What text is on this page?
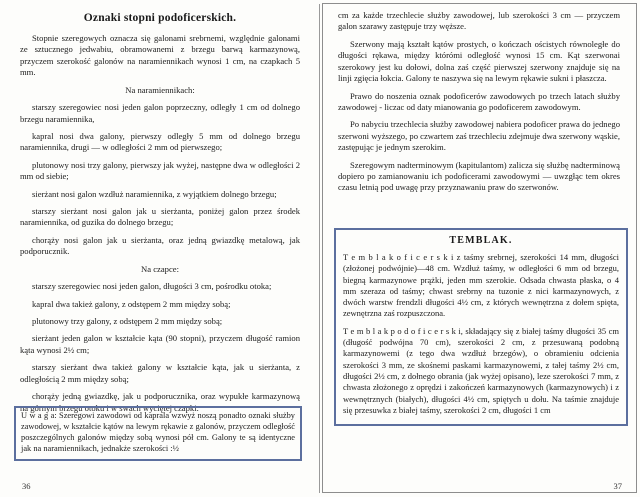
Oznaki stopni podoficerskich.

Stopnie szeregowych oznacza się galonami srebrnemi, względnie galonami ze sztucznego jedwabiu, obramowanemi z brzegu barwą karmazynową, przyczem szerokość galonów na naramiennikach wynosi 1 cm, na czapkach 5 mm.

Na naramiennikach:

starszy szeregowiec nosi jeden galon poprzeczny, odległy 1 cm od dolnego brzegu naramiennika,

kapral nosi dwa galony, pierwszy odległy 5 mm od dolnego brzegu naramiennika, drugi — w odległości 2 mm od pierwszego;

plutonowy nosi trzy galony, pierwszy jak wyżej, następne dwa w odległości 2 mm od siebie;

sierżant nosi galon wzdłuż naramiennika, z wyjątkiem dolnego brzegu;

starszy sierżant nosi galon jak u sierżanta, poniżej galon przez środek naramiennika, od guzika do dolnego brzegu;

chorąży nosi galon jak u sierżanta, oraz jedną gwiazdkę metalową, jak podporucznik.

Na czapce:

starszy szeregowiec nosi jeden galon, długości 3 cm, pośrodku otoka;

kapral dwa takież galony, z odstępem 2 mm między sobą;

plutonowy trzy galony, z odstępem 2 mm między sobą;

sierżant jeden galon w kształcie kąta (90 stopni), przyczem długość ramion kąta wynosi 2½ cm;

starszy sierżant dwa takież galony w kształcie kąta, jak u sierżanta, z odległością 2 mm między sobą;

chorąży jedną gwiazdkę, jak u podporucznika, oraz wypukłe karmazynową na górnym brzegu otoku i w swach wyciętej czapki.

U w a g a: Szeregowi zawodowi od kaprala wzwyż noszą ponadto oznaki służby zawodowej, w kształcie kątów na lewym rękawie z galonów, przyczem odległość poszczególnych galonów między sobą wynosi pół cm. Galony te są identyczne jak na naramiennikach, jednakże szerokości :½

36

cm za każde trzechlecie służby zawodowej, lub szerokości 3 cm — przyczem galon szarawy zastępuje trzy węższe.

Szerwony mają kształt kątów prostych, o kończach ościstych równoległe do długości rękawa, między którómi odległość wynosi 15 cm. Kąt szerwonai szerokowy jest ku dołowi, dolna zaś część pierwszej szerwony znajduje się na linji zgięcia łokcia. Galony te naszywa się na lewym rękawie sukni i płaszcza.

Prawo do noszenia oznak podoficerów zawodowych po trzech latach służby zawodowej - liczac od daty mianowania go podoficerem zawodowym.

Po nabyciu trzechlecia służby zawodowej nabiera podoficer prawa do jednego szerwoni wyższego, po czwartem zaś trzechleciu zdejmuje dwa szerwony wąskie, zastępując je jednym szerokim.

Szeregowym nadterminowym (kapitulantom) zalicza się służbę nadterminową dopiero po zamianowaniu ich podoficerami zawodowymi — uwzgłąc tem okres czasu letnią pod uwagę przy przyznawaniu praw do szerwonów.

TEMBLAK.

T e m b l a k o f i c e r s k i z taśmy srebrnej, szerokości 14 mm, długości (złożonej podwójnie)—48 cm. Wzdłuż taśmy, w odległości 6 mm od brzegu, biegną karmazynowe prążki, jeden mm szerokie. Odsada chwasta płaska, o 4 mm szeraza od taśmy; chwast srebrny na tuzonie z nici karmazynowych, z dwóch warstw frendzli długości 4½ cm, z których wewnętrzna z dołem spięta, zewnętrzna zaś rozpuszczona.

T e m b l a k p o d o f i c e r s k i, składający się z białej taśmy długości 35 cm (długość podwójna 70 cm), szerokości 2 cm, z przesuwaną podobną karmazynowemi (z tego dwa wzdłuż brzegów), o obramieniu odcienia szerokości 3 mm, ze skośnemi paskami karmazynowemi, z tałej taśmy 2½ cm, długości 2½ cm, z dołnego obrania (jak wyżej opisano), leze szerokości 7 mm, z chwasta złożonego z oprędzi i zakończeń karmazynowych (karmazynowych) i z wewnętrznych (białych), długości 4½ cm, spiętych u dołu. Na taśmie znajduje się przesuwka z białej taśmy, szerokości 2 cm, długości 1 cm

37
